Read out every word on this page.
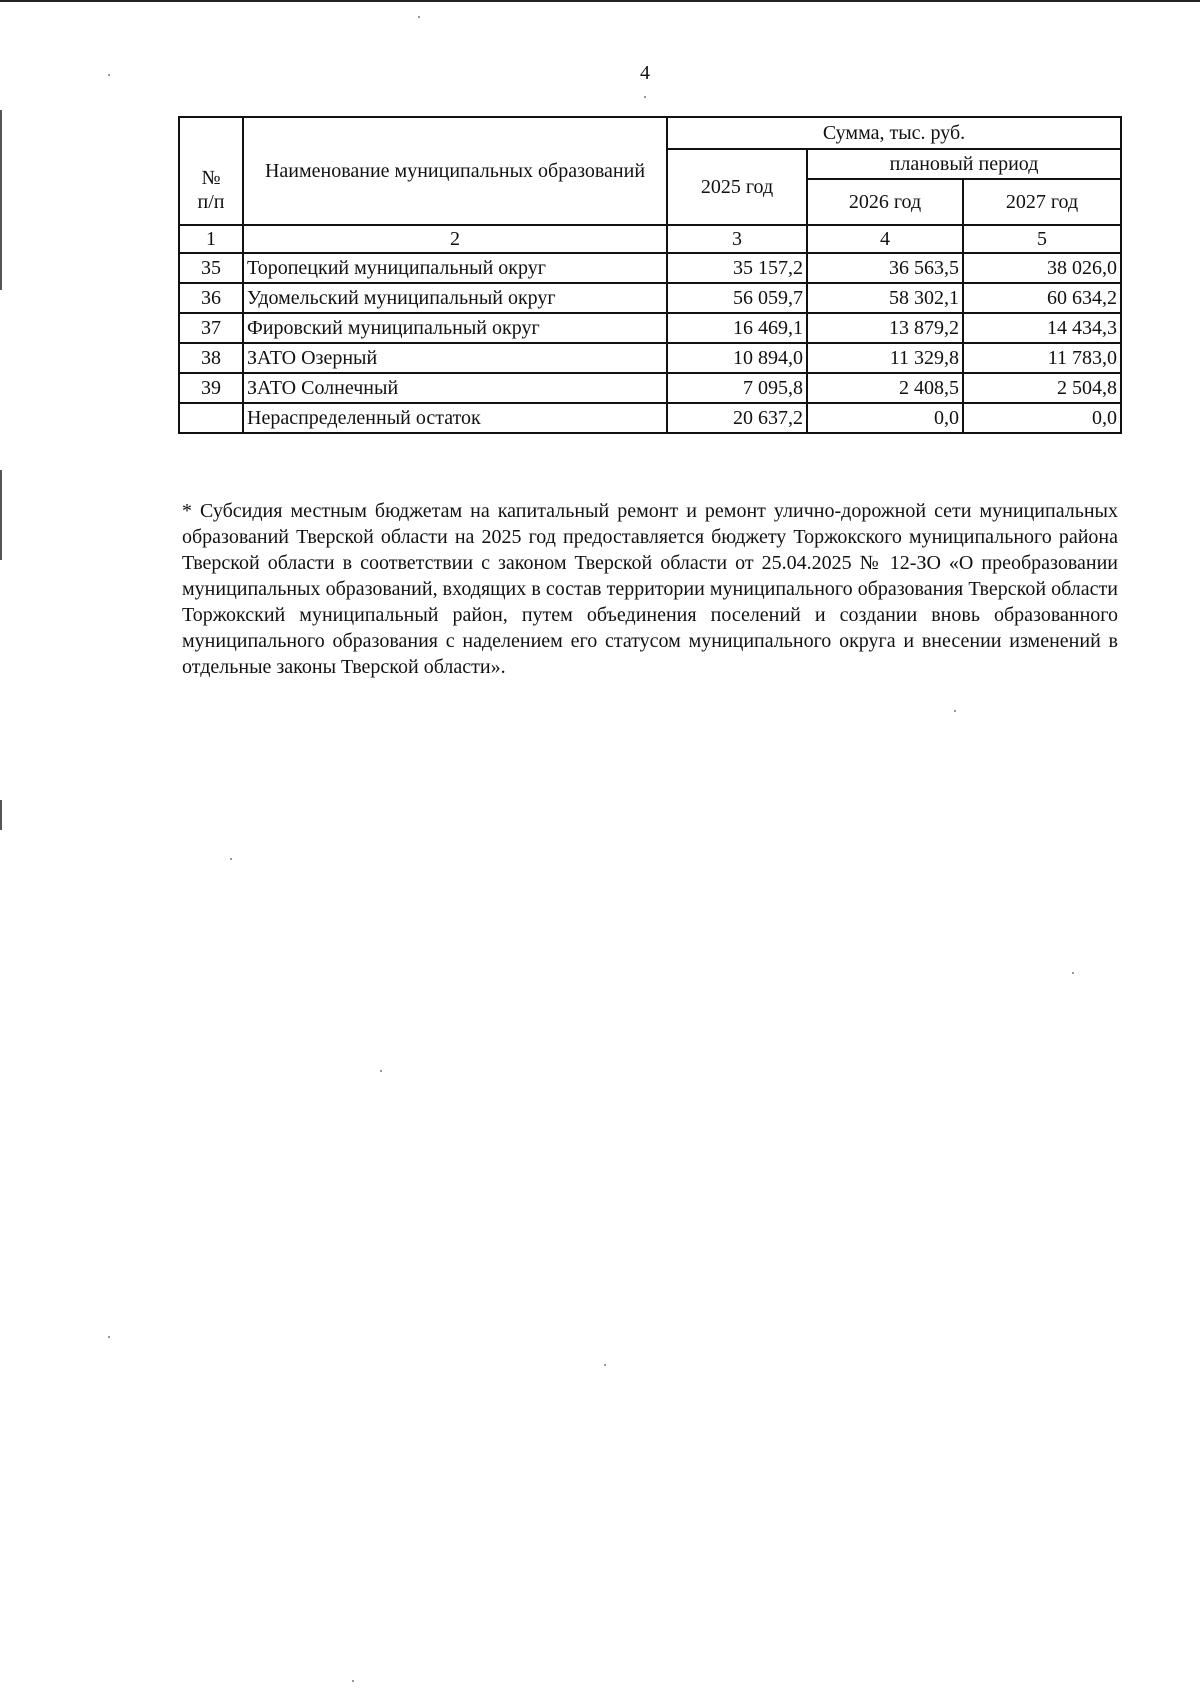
4

№
п/п	Наименование муниципальных образований	Сумма, тыс. руб.		
		2025 год	плановый период	
			2026 год	2027 год
1	2	3	4	5
35	Торопецкий муниципальный округ	35 157,2	36 563,5	38 026,0
36	Удомельский муниципальный округ	56 059,7	58 302,1	60 634,2
37	Фировский муниципальный округ	16 469,1	13 879,2	14 434,3
38	ЗАТО Озерный	10 894,0	11 329,8	11 783,0
39	ЗАТО Солнечный	7 095,8	2 408,5	2 504,8
	Нераспределенный остаток	20 637,2	0,0	0,0
* Субсидия местным бюджетам на капитальный ремонт и ремонт улично-дорожной сети муниципальных образований Тверской области на 2025 год предоставляется бюджету Торжокского муниципального района Тверской области в соответствии с законом Тверской области от 25.04.2025 № 12-ЗО «О преобразовании муниципальных образований, входящих в состав территории муниципального образования Тверской области Торжокский муниципальный район, путем объединения поселений и создании вновь образованного муниципального образования с наделением его статусом муниципального округа и внесении изменений в отдельные законы Тверской области».
